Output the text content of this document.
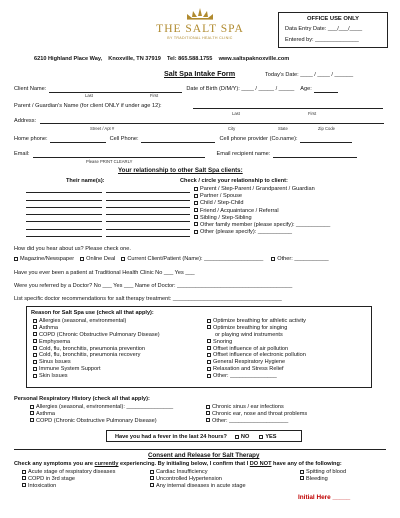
THE SALT SPA
BY TRADITIONAL HEALTH CLINIC
OFFICE USE ONLY
Data Entry Date: ___/___/____
Entered by: ______________
6210 Highland Place Way,    Knoxville, TN 37919    Tel: 865.588.1755    www.saltspaknoxville.com
Salt Spa Intake Form	Today's Date: ____ / ____ / ______
Client Name:	Date of Birth (D/M/Y): ____ / _____ / _____ Age:
Last	First
Parent / Guardian's Name (for client ONLY if under age 12):
Last	First
Address:
Street / Apt #	City	State	Zip Code
Home phone:	Cell Phone:	Cell phone provider (Co.name):
Email:	Email recipient name:
Please PRINT CLEARLY
Your relationship to other Salt Spa clients:
Their name(s):	Check / circle your relationship to client:
Parent / Step-Parent / Grandparent / Guardian
Partner / Spouse
Child / Step-Child
Friend / Acquaintance / Referral
Sibling / Step-Sibling
Other family member (please specify): ___________
Other (please specify): ___________
How did you hear about us? Please check one.
Magazine/Newspaper	Online Deal	Current Client/Patient (Name): ___________________	Other: ___________
Have you ever been a patient at Traditional Health Clinic No ___ Yes ___
Were you referred by a Doctor? No ___ Yes ___ Name of Doctor: _____________________________________
List specific doctor recommendations for salt therapy treatment: ___________________________________
Reason for Salt Spa use (check all that apply):
Allergies (seasonal, environmental)
Asthma
COPD (Chronic Obstructive Pulmonary Disease)
Emphysema
Cold, flu, bronchitis, pneumonia prevention
Cold, flu, bronchitis, pneumonia recovery
Sinus Issues
Immune System Support
Skin Issues
Optimize breathing for athletic activity
Optimize breathing for singing
or playing wind instruments
Snoring
Offset influence of air pollution
Offset influence of electronic pollution
General Respiratory Hygiene
Relaxation and Stress Relief
Other: _______________
Personal Respiratory History (check all that apply):
Allergies (seasonal, environmental): _______________
Asthma
COPD (Chronic Obstructive Pulmonary Disease)
Chronic sinus / ear infections
Chronic ear, nose and throat problems
Other: ___________________
Have you had a fever in the last 24 hours?	NO	YES
Consent and Release for Salt Therapy
Check any symptoms you are currently experiencing. By initialing below, I confirm that I DO NOT have any of the following:
Acute stage of respiratory diseases
COPD in 3rd stage
Intoxication
Cardiac Insufficiency
Uncontrolled Hypertension
Any internal diseases in acute stage
Spitting of blood
Bleeding
Initial Here _____
